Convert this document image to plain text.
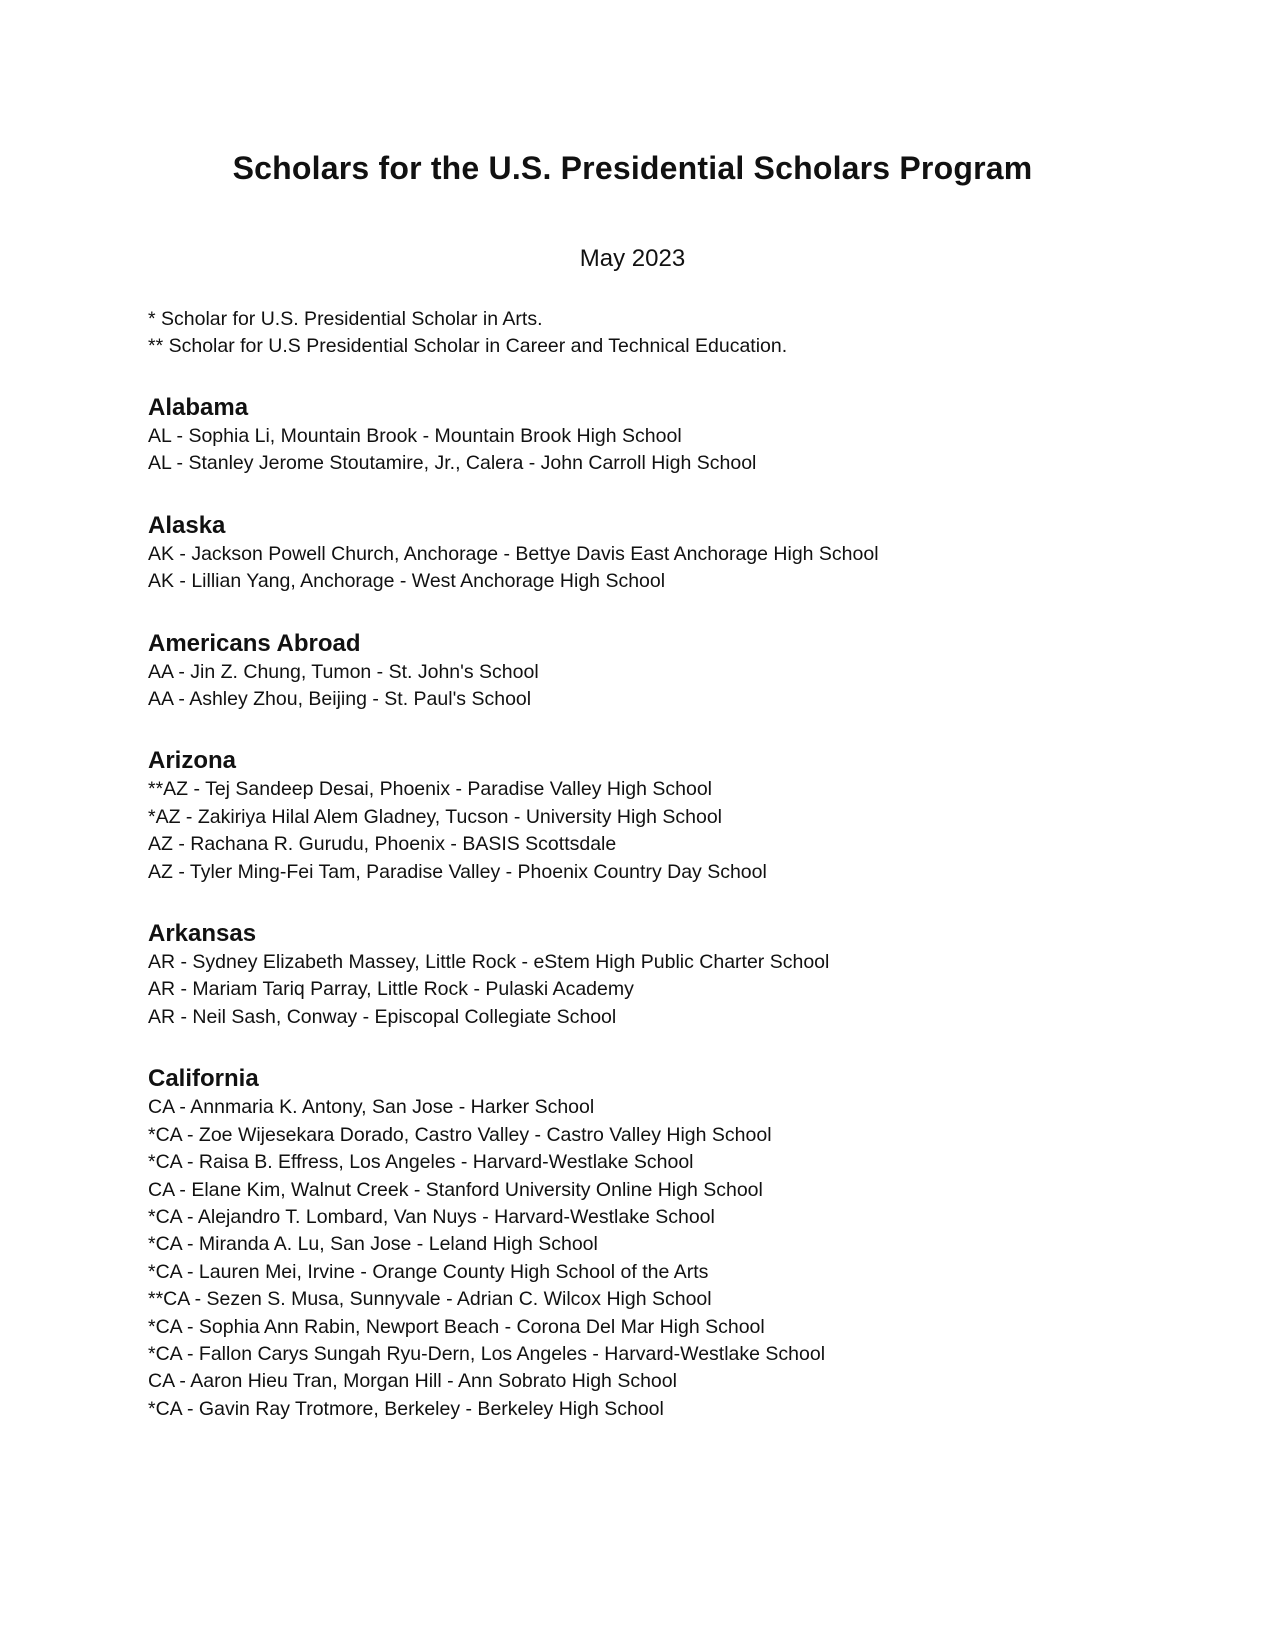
Scholars for the U.S. Presidential Scholars Program
May 2023
* Scholar for U.S. Presidential Scholar in Arts.
** Scholar for U.S Presidential Scholar in Career and Technical Education.
Alabama
AL - Sophia Li, Mountain Brook - Mountain Brook High School
AL - Stanley Jerome Stoutamire, Jr., Calera - John Carroll High School
Alaska
AK - Jackson Powell Church, Anchorage - Bettye Davis East Anchorage High School
AK - Lillian Yang, Anchorage - West Anchorage High School
Americans Abroad
AA - Jin Z. Chung, Tumon - St. John's School
AA - Ashley Zhou, Beijing - St. Paul's School
Arizona
**AZ - Tej Sandeep Desai, Phoenix - Paradise Valley High School
*AZ - Zakiriya Hilal Alem Gladney, Tucson - University High School
AZ - Rachana R. Gurudu, Phoenix - BASIS Scottsdale
AZ - Tyler Ming-Fei Tam, Paradise Valley - Phoenix Country Day School
Arkansas
AR - Sydney Elizabeth Massey, Little Rock - eStem High Public Charter School
AR - Mariam Tariq Parray, Little Rock - Pulaski Academy
AR - Neil Sash, Conway - Episcopal Collegiate School
California
CA - Annmaria K. Antony, San Jose - Harker School
*CA - Zoe Wijesekara Dorado, Castro Valley - Castro Valley High School
*CA - Raisa B. Effress, Los Angeles - Harvard-Westlake School
CA - Elane Kim, Walnut Creek - Stanford University Online High School
*CA - Alejandro T. Lombard, Van Nuys - Harvard-Westlake School
*CA - Miranda A. Lu, San Jose - Leland High School
*CA - Lauren Mei, Irvine - Orange County High School of the Arts
**CA - Sezen S. Musa, Sunnyvale - Adrian C. Wilcox High School
*CA - Sophia Ann Rabin, Newport Beach - Corona Del Mar High School
*CA - Fallon Carys Sungah Ryu-Dern, Los Angeles - Harvard-Westlake School
CA - Aaron Hieu Tran, Morgan Hill - Ann Sobrato High School
*CA - Gavin Ray Trotmore, Berkeley - Berkeley High School
